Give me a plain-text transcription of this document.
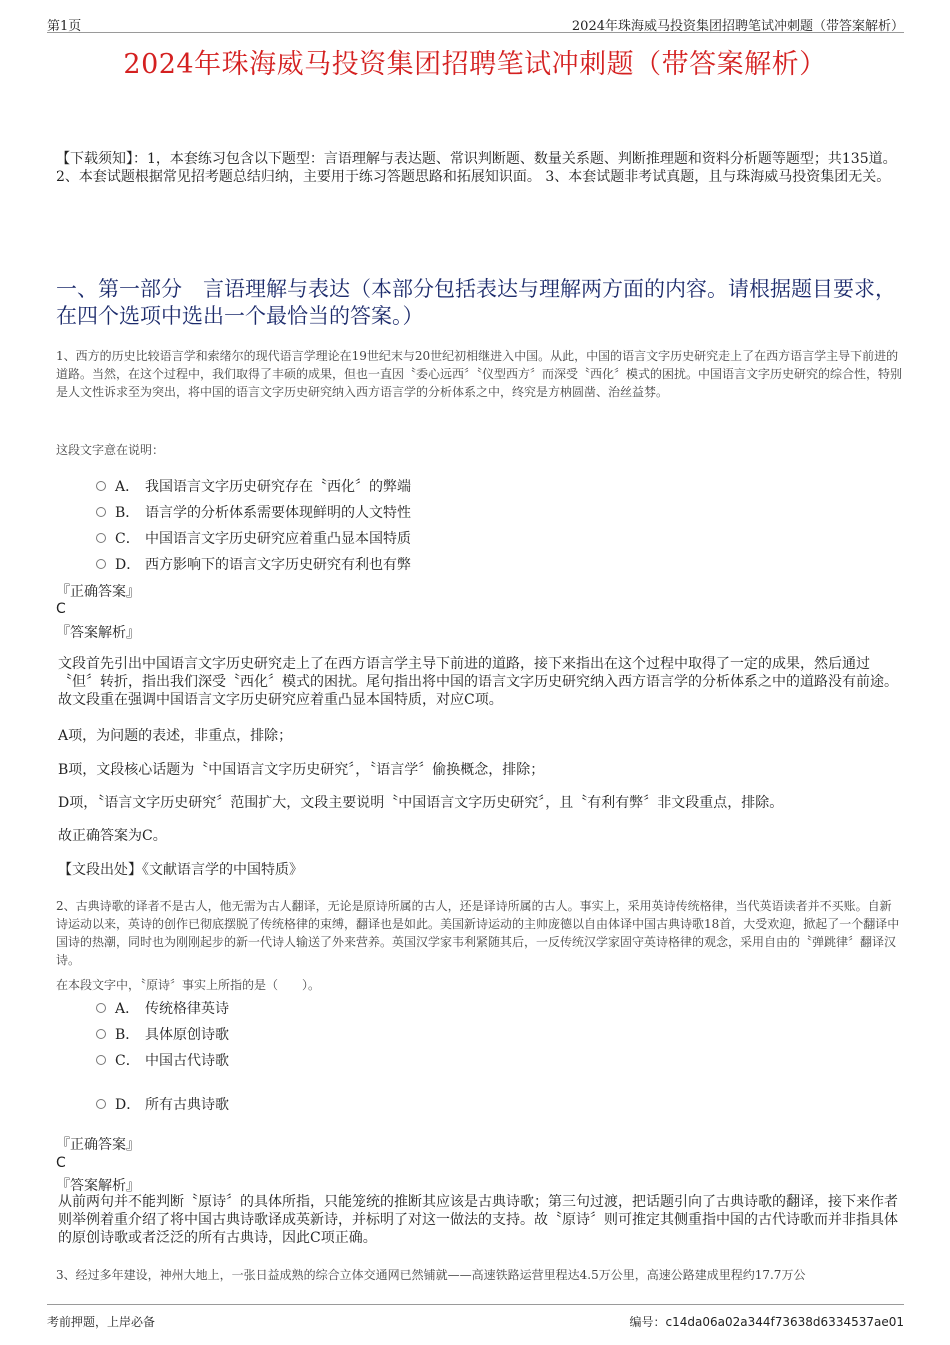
第1页	2024年珠海威马投资集团招聘笔试冲刺题（带答案解析）
2024年珠海威马投资集团招聘笔试冲刺题（带答案解析）
【下载须知】：1，本套练习包含以下题型：言语理解与表达题、常识判断题、数量关系题、判断推理题和资料分析题等题型；共135道。 2、本套试题根据常见招考题总结归纳，主要用于练习答题思路和拓展知识面。 3、本套试题非考试真题，且与珠海威马投资集团无关。
一、第一部分　言语理解与表达（本部分包括表达与理解两方面的内容。请根据题目要求，在四个选项中选出一个最恰当的答案。）
1、西方的历史比较语言学和索绪尔的现代语言学理论在19世纪末与20世纪初相继进入中国。从此，中国的语言文字历史研究走上了在西方语言学主导下前进的道路。当然，在这个过程中，我们取得了丰硕的成果，但也一直因〝委心远西〞〝仪型西方〞而深受〝西化〞模式的困扰。中国语言文字历史研究的综合性，特别是人文性诉求至为突出，将中国的语言文字历史研究纳入西方语言学的分析体系之中，终究是方枘圆凿、治丝益棼。
这段文字意在说明：
A． 我国语言文字历史研究存在〝西化〞的弊端
B． 语言学的分析体系需要体现鲜明的人文特性
C． 中国语言文字历史研究应着重凸显本国特质
D． 西方影响下的语言文字历史研究有利也有弊
『正确答案』
C
『答案解析』
文段首先引出中国语言文字历史研究走上了在西方语言学主导下前进的道路，接下来指出在这个过程中取得了一定的成果，然后通过〝但〞转折，指出我们深受〝西化〞模式的困扰。尾句指出将中国的语言文字历史研究纳入西方语言学的分析体系之中的道路没有前途。故文段重在强调中国语言文字历史研究应着重凸显本国特质，对应C项。
A项，为问题的表述，非重点，排除；
B项，文段核心话题为〝中国语言文字历史研究〞，〝语言学〞偷换概念，排除；
D项，〝语言文字历史研究〞范围扩大，文段主要说明〝中国语言文字历史研究〞，且〝有利有弊〞非文段重点，排除。
故正确答案为C。
【文段出处】《文献语言学的中国特质》
2、古典诗歌的译者不是古人，他无需为古人翻译，无论是原诗所属的古人，还是译诗所属的古人。事实上，采用英诗传统格律，当代英语读者并不买账。自新诗运动以来，英诗的创作已彻底摆脱了传统格律的束缚，翻译也是如此。美国新诗运动的主帅庞德以自由体译中国古典诗歌18首，大受欢迎，掀起了一个翻译中国诗的热潮，同时也为刚刚起步的新一代诗人输送了外来营养。英国汉学家韦利紧随其后，一反传统汉学家固守英诗格律的观念，采用自由的〝弹跳律〞翻译汉诗。
在本段文字中，〝原诗〞事实上所指的是（　　）。
A． 传统格律英诗
B． 具体原创诗歌
C． 中国古代诗歌
D． 所有古典诗歌
『正确答案』
C
『答案解析』
从前两句并不能判断〝原诗〞的具体所指，只能笼统的推断其应该是古典诗歌；第三句过渡，把话题引向了古典诗歌的翻译，接下来作者则举例着重介绍了将中国古典诗歌译成英新诗，并标明了对这一做法的支持。故〝原诗〞则可推定其侧重指中国的古代诗歌而并非指具体的原创诗歌或者泛泛的所有古典诗，因此C项正确。
3、经过多年建设，神州大地上，一张日益成熟的综合立体交通网已然铺就——高速铁路运营里程达4.5万公里，高速公路建成里程约17.7万公
考前押题，上岸必备	编号：c14da06a02a344f73638d6334537ae01
